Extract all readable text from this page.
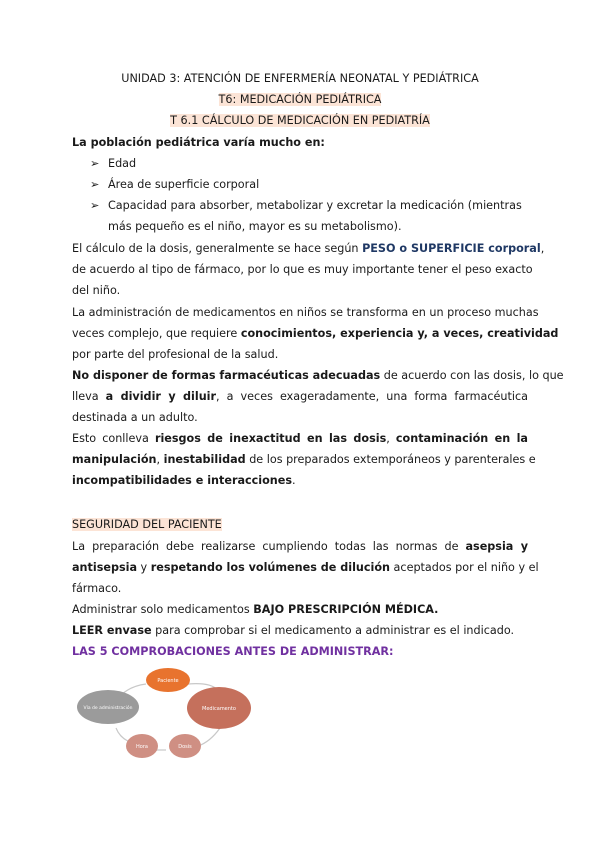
UNIDAD 3: ATENCIÓN DE ENFERMERÍA NEONATAL Y PEDIÁTRICA
T6: MEDICACIÓN PEDIÁTRICA
T 6.1 CÁLCULO DE MEDICACIÓN EN PEDIATRÍA
La población pediátrica varía mucho en:
➢ Edad
➢ Área de superficie corporal
➢ Capacidad para absorber, metabolizar y excretar la medicación (mientras
más pequeño es el niño, mayor es su metabolismo).
El cálculo de la dosis, generalmente se hace según PESO o SUPERFICIE corporal,
de acuerdo al tipo de fármaco, por lo que es muy importante tener el peso exacto
del niño.
La administración de medicamentos en niños se transforma en un proceso muchas
veces complejo, que requiere conocimientos, experiencia y, a veces, creatividad
por parte del profesional de la salud.
No disponer de formas farmacéuticas adecuadas de acuerdo con las dosis, lo que
lleva a dividir y diluir, a veces exageradamente, una forma farmacéutica
destinada a un adulto.
Esto conlleva riesgos de inexactitud en las dosis, contaminación en la
manipulación, inestabilidad de los preparados extemporáneos y parenterales e
incompatibilidades e interacciones.
SEGURIDAD DEL PACIENTE
La preparación debe realizarse cumpliendo todas las normas de asepsia y
antisepsia y respetando los volúmenes de dilución aceptados por el niño y el
fármaco.
Administrar solo medicamentos BAJO PRESCRIPCIÓN MÉDICA.
LEER envase para comprobar si el medicamento a administrar es el indicado.
LAS 5 COMPROBACIONES ANTES DE ADMINISTRAR:
Paciente
Medicamento
Dosis
Hora
Vía de administración
